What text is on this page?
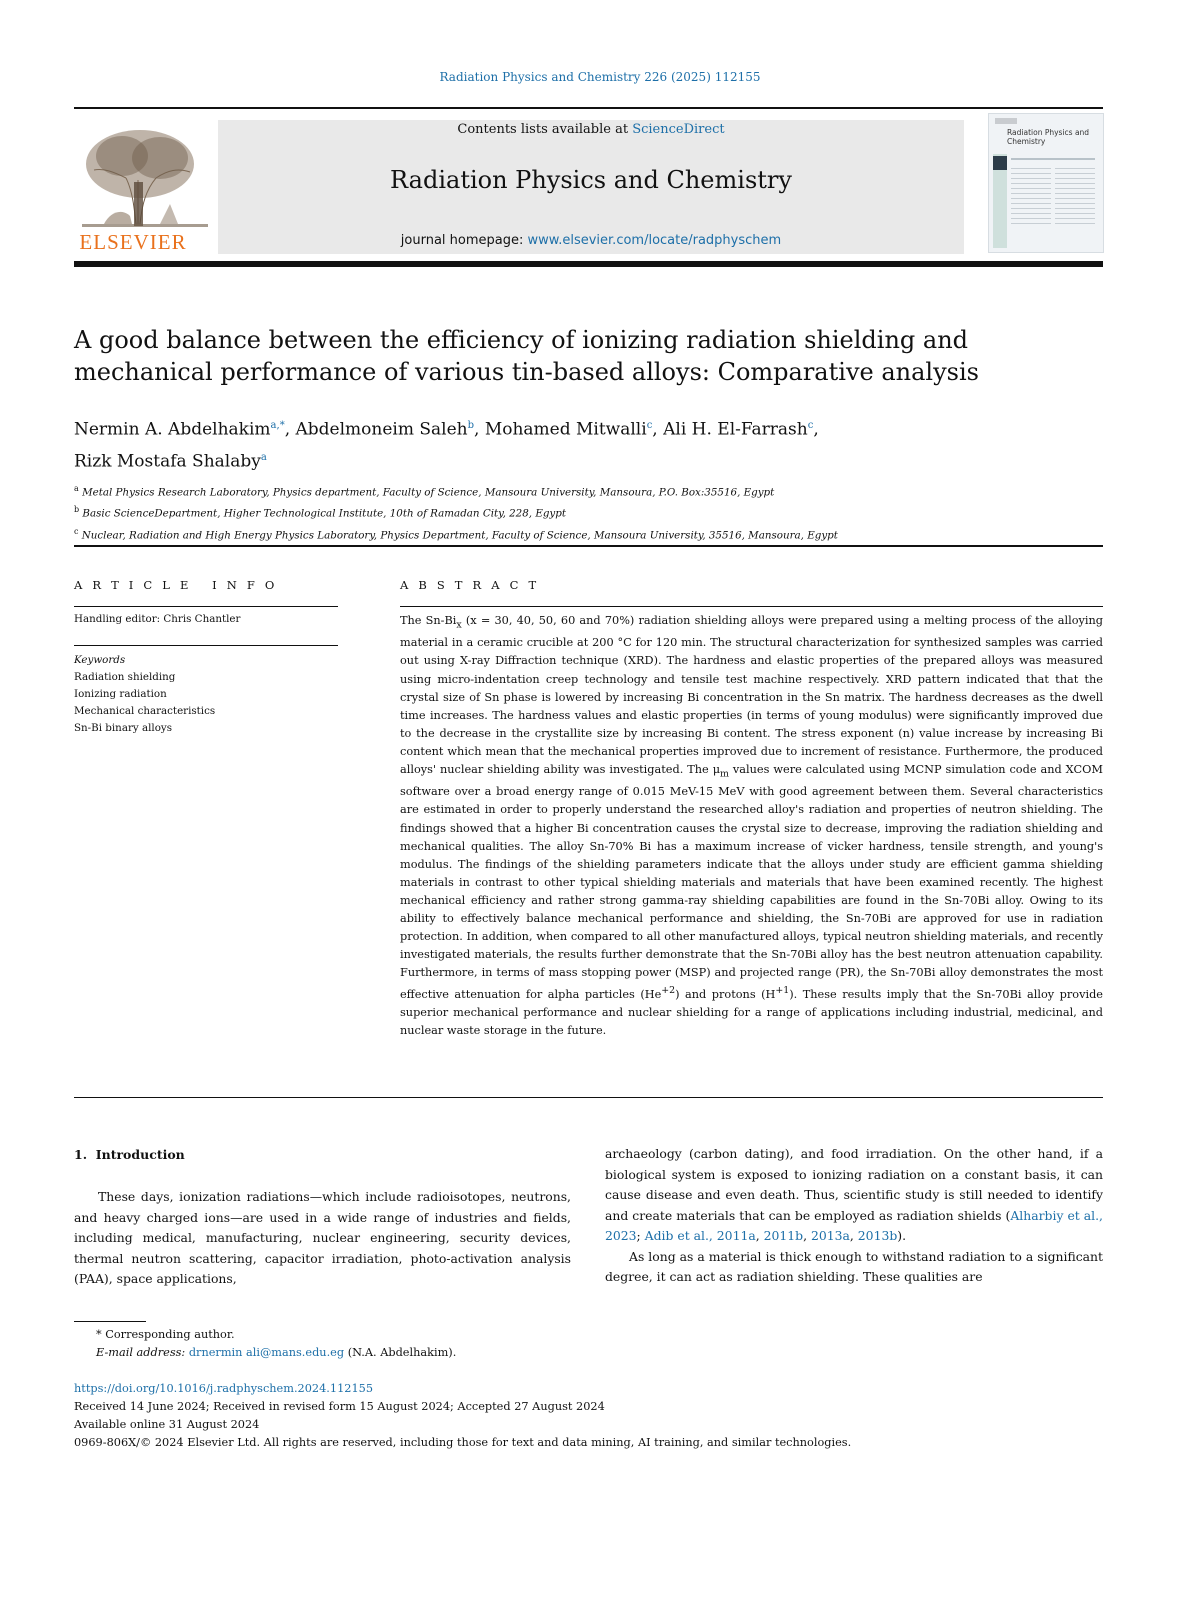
Radiation Physics and Chemistry 226 (2025) 112155
ELSEVIER
Contents lists available at ScienceDirect
Radiation Physics and Chemistry
journal homepage: www.elsevier.com/locate/radphyschem
Radiation Physics and
Chemistry
A good balance between the efficiency of ionizing radiation shielding and
mechanical performance of various tin-based alloys: Comparative analysis
Nermin A. Abdelhakim$^{a,*}$, Abdelmoneim Saleh$^b$, Mohamed Mitwalli$^c$, Ali H. El-Farrash$^c$,
Rizk Mostafa Shalaby$^a$
$^a$ Metal Physics Research Laboratory, Physics department, Faculty of Science, Mansoura University, Mansoura, P.O. Box:35516, Egypt
$^b$ Basic ScienceDepartment, Higher Technological Institute, 10th of Ramadan City, 228, Egypt
$^c$ Nuclear, Radiation and High Energy Physics Laboratory, Physics Department, Faculty of Science, Mansoura University, 35516, Mansoura, Egypt
A R T I C L E   I N F O
Handling editor: Chris Chantler
Keywords
Radiation shielding
Ionizing radiation
Mechanical characteristics
Sn-Bi binary alloys
A B S T R A C T
The $Sn-Bi_x$ (x = 30, 40, 50, 60 and 70%) radiation shielding alloys were prepared using a melting process of the alloying material in a ceramic crucible at 200 °C for 120 min. The structural characterization for synthesized samples was carried out using X-ray Diffraction technique (XRD). The hardness and elastic properties of the prepared alloys was measured using micro-indentation creep technology and tensile test machine respectively. XRD pattern indicated that that the crystal size of Sn phase is lowered by increasing Bi concentration in the Sn matrix. The hardness decreases as the dwell time increases. The hardness values and elastic properties (in terms of young modulus) were significantly improved due to the decrease in the crystallite size by increasing Bi content. The stress exponent (n) value increase by increasing Bi content which mean that the mechanical properties improved due to increment of resistance. Furthermore, the produced alloys' nuclear shielding ability was investigated. The $\mu_m$ values were calculated using MCNP simulation code and XCOM software over a broad energy range of 0.015 MeV-15 MeV with good agreement between them. Several characteristics are estimated in order to properly understand the researched alloy's radiation and properties of neutron shielding. The findings showed that a higher Bi concentration causes the crystal size to decrease, improving the radiation shielding and mechanical qualities. The alloy Sn-70% Bi has a maximum increase of vicker hardness, tensile strength, and young's modulus. The findings of the shielding parameters indicate that the alloys under study are efficient gamma shielding materials in contrast to other typical shielding materials and materials that have been examined recently. The highest mechanical efficiency and rather strong gamma-ray shielding capabilities are found in the Sn-70Bi alloy. Owing to its ability to effectively balance mechanical performance and shielding, the Sn-70Bi are approved for use in radiation protection. In addition, when compared to all other manufactured alloys, typical neutron shielding materials, and recently investigated materials, the results further demonstrate that the Sn-70Bi alloy has the best neutron attenuation capability. Furthermore, in terms of mass stopping power (MSP) and projected range (PR), the Sn-70Bi alloy demonstrates the most effective attenuation for alpha particles $(He^{+2})$ and protons $(H^{+1})$. These results imply that the Sn-70Bi alloy provide superior mechanical performance and nuclear shielding for a range of applications including industrial, medicinal, and nuclear waste storage in the future.
1.  Introduction
These days, ionization radiations—which include radioisotopes, neutrons, and heavy charged ions—are used in a wide range of industries and fields, including medical, manufacturing, nuclear engineering, security devices, thermal neutron scattering, capacitor irradiation, photo-activation analysis (PAA), space applications,

archaeology (carbon dating), and food irradiation. On the other hand, if a biological system is exposed to ionizing radiation on a constant basis, it can cause disease and even death. Thus, scientific study is still needed to identify and create materials that can be employed as radiation shields (Alharbiy et al., 2023; Adib et al., 2011a, 2011b, 2013a, 2013b).

As long as a material is thick enough to withstand radiation to a significant degree, it can act as radiation shielding. These qualities are

* Corresponding author.
E-mail address: drnermin ali@mans.edu.eg (N.A. Abdelhakim).
https://doi.org/10.1016/j.radphyschem.2024.112155
Received 14 June 2024; Received in revised form 15 August 2024; Accepted 27 August 2024
Available online 31 August 2024
0969-806X/© 2024 Elsevier Ltd. All rights are reserved, including those for text and data mining, AI training, and similar technologies.
